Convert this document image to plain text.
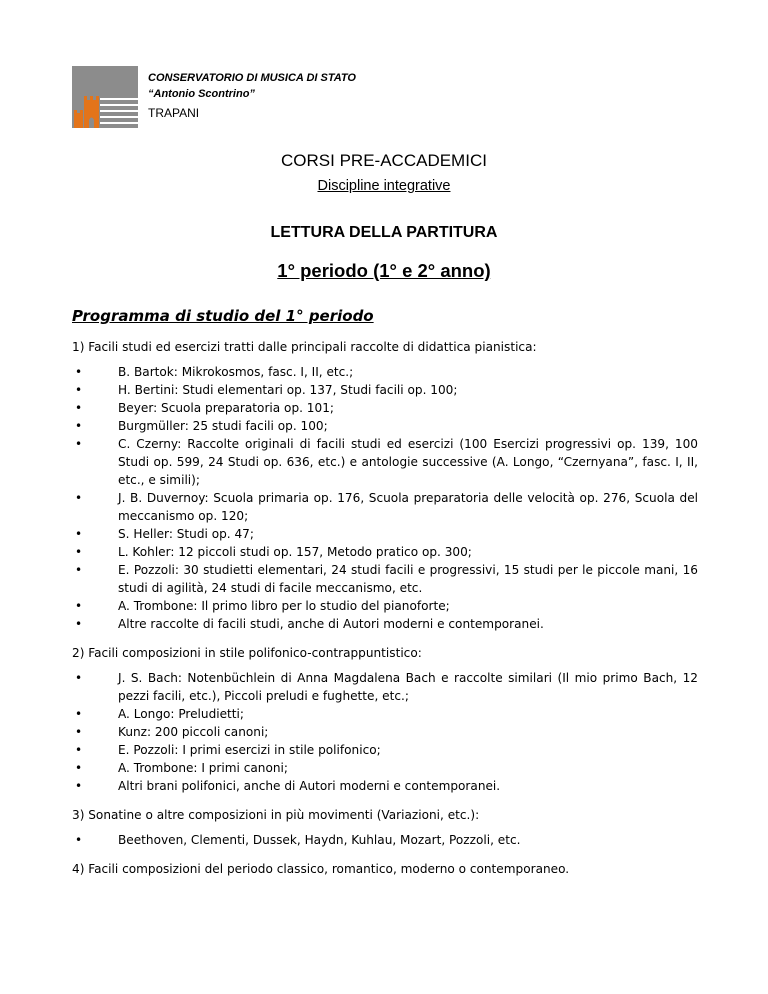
CONSERVATORIO DI MUSICA DI STATO
“Antonio Scontrino”
TRAPANI
CORSI PRE-ACCADEMICI
Discipline integrative
LETTURA DELLA PARTITURA
1° periodo (1° e 2° anno)
Programma di studio del 1° periodo
1) Facili studi ed esercizi tratti dalle principali raccolte di didattica pianistica:
•	B. Bartok: Mikrokosmos, fasc. I, II, etc.;
•	H. Bertini: Studi elementari op. 137, Studi facili op. 100;
•	Beyer: Scuola preparatoria op. 101;
•	Burgmüller: 25 studi facili op. 100;
•	C. Czerny: Raccolte originali di facili studi ed esercizi (100 Esercizi progressivi op. 139, 100 Studi op. 599, 24 Studi op. 636, etc.) e antologie successive (A. Longo, “Czernyana”, fasc. I, II, etc., e simili);
•	J. B. Duvernoy: Scuola primaria op. 176, Scuola preparatoria delle velocità op. 276, Scuola del meccanismo op. 120;
•	S. Heller: Studi op. 47;
•	L. Kohler: 12 piccoli studi op. 157, Metodo pratico op. 300;
•	E. Pozzoli: 30 studietti elementari, 24 studi facili e progressivi, 15 studi per le piccole mani, 16 studi di agilità, 24 studi di facile meccanismo, etc.
•	A. Trombone: Il primo libro per lo studio del pianoforte;
•	Altre raccolte di facili studi, anche di Autori moderni e contemporanei.
2) Facili composizioni in stile polifonico-contrappuntistico:
•	J. S. Bach: Notenbüchlein di Anna Magdalena Bach e raccolte similari (Il mio primo Bach, 12 pezzi facili, etc.), Piccoli preludi e fughette, etc.;
•	A. Longo: Preludietti;
•	Kunz: 200 piccoli canoni;
•	E. Pozzoli: I primi esercizi in stile polifonico;
•	A. Trombone: I primi canoni;
•	Altri brani polifonici, anche di Autori moderni e contemporanei.
3) Sonatine o altre composizioni in più movimenti (Variazioni, etc.):
•	Beethoven, Clementi, Dussek, Haydn, Kuhlau, Mozart, Pozzoli, etc.
4) Facili composizioni del periodo classico, romantico, moderno o contemporaneo.
